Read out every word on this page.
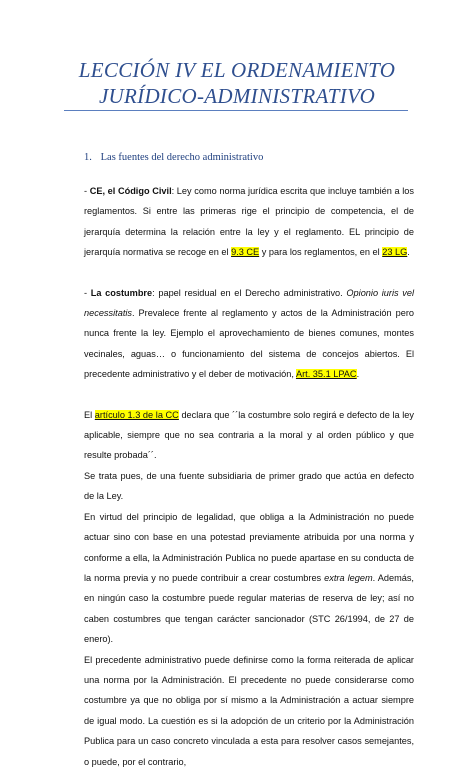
LECCIÓN IV EL ORDENAMIENTO
JURÍDICO-ADMINISTRATIVO
1. Las fuentes del derecho administrativo

- CE, el Código Civil: Ley como norma jurídica escrita que incluye también a los reglamentos. Si entre las primeras rige el principio de competencia, el de jerarquía determina la relación entre la ley y el reglamento. EL principio de jerarquía normativa se recoge en el 9.3 CE y para los reglamentos, en el 23 LG.

- La costumbre: papel residual en el Derecho administrativo. Opionio iuris vel necessitatis. Prevalece frente al reglamento y actos de la Administración pero nunca frente la ley. Ejemplo el aprovechamiento de bienes comunes, montes vecinales, aguas… o funcionamiento del sistema de concejos abiertos. El precedente administrativo y el deber de motivación, Art. 35.1 LPAC.

El artículo 1.3 de la CC declara que ´´la costumbre solo regirá e defecto de la ley aplicable, siempre que no sea contraria a la moral y al orden público y que resulte probada´´.

Se trata pues, de una fuente subsidiaria de primer grado que actúa en defecto de la Ley.

En virtud del principio de legalidad, que obliga a la Administración no puede actuar sino con base en una potestad previamente atribuida por una norma y conforme a ella, la Administración Publica no puede apartase en su conducta de la norma previa y no puede contribuir a crear costumbres extra legem. Además, en ningún caso la costumbre puede regular materias de reserva de ley; así no caben costumbres que tengan carácter sancionador (STC 26/1994, de 27 de enero).

El precedente administrativo puede definirse como la forma reiterada de aplicar una norma por la Administración. El precedente no puede considerarse como costumbre ya que no obliga por sí mismo a la Administración a actuar siempre de igual modo. La cuestión es si la adopción de un criterio por la Administración Publica para un caso concreto vinculada a esta para resolver casos semejantes, o puede, por el contrario,
